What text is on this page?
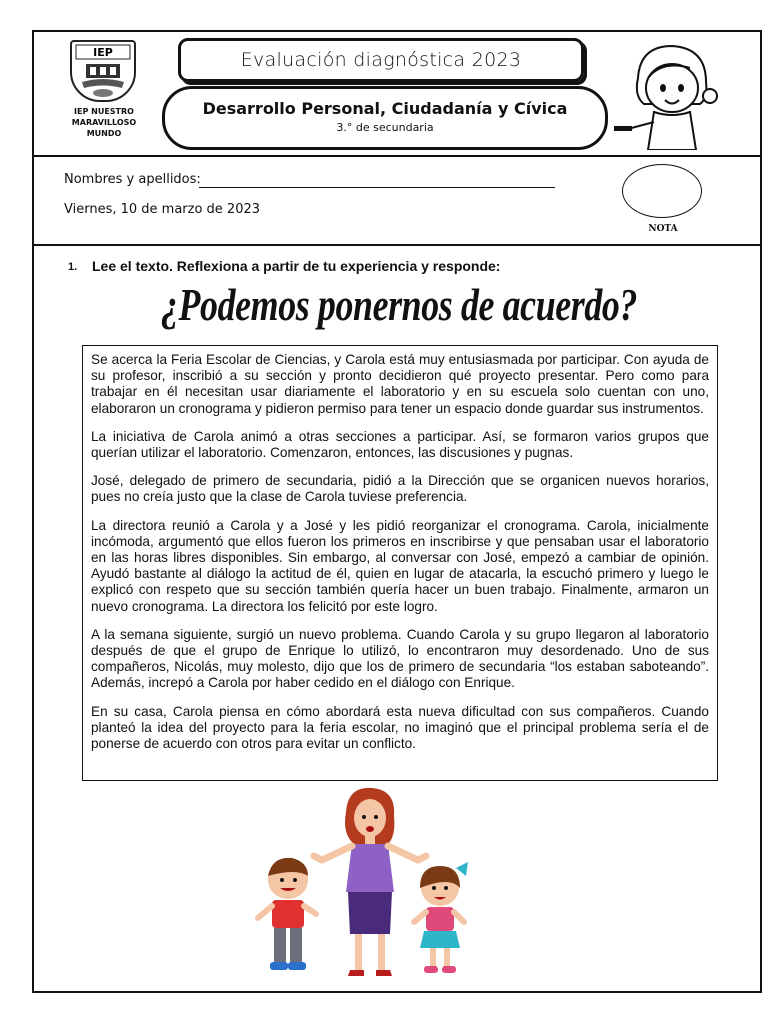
IEP
IEP NUESTRO MARAVILLOSO MUNDO
Evaluación diagnóstica 2023
Desarrollo Personal, Ciudadanía y Cívica
3.° de secundaria
Nombres y apellidos:
Viernes, 10 de marzo de 2023
NOTA
1. Lee el texto. Reflexiona a partir de tu experiencia y responde:
¿Podemos ponernos de acuerdo?

Se acerca la Feria Escolar de Ciencias, y Carola está muy entusiasmada por participar. Con ayuda de su profesor, inscribió a su sección y pronto decidieron qué proyecto presentar. Pero como para trabajar en él necesitan usar diariamente el laboratorio y en su escuela solo cuentan con uno, elaboraron un cronograma y pidieron permiso para tener un espacio donde guardar sus instrumentos.

La iniciativa de Carola animó a otras secciones a participar. Así, se formaron varios grupos que querían utilizar el laboratorio. Comenzaron, entonces, las discusiones y pugnas.

José, delegado de primero de secundaria, pidió a la Dirección que se organicen nuevos horarios, pues no creía justo que la clase de Carola tuviese preferencia.

La directora reunió a Carola y a José y les pidió reorganizar el cronograma. Carola, inicialmente incómoda, argumentó que ellos fueron los primeros en inscribirse y que pensaban usar el laboratorio en las horas libres disponibles. Sin embargo, al conversar con José, empezó a cambiar de opinión. Ayudó bastante al diálogo la actitud de él, quien en lugar de atacarla, la escuchó primero y luego le explicó con respeto que su sección también quería hacer un buen trabajo. Finalmente, armaron un nuevo cronograma. La directora los felicitó por este logro.

A la semana siguiente, surgió un nuevo problema. Cuando Carola y su grupo llegaron al laboratorio después de que el grupo de Enrique lo utilizó, lo encontraron muy desordenado. Uno de sus compañeros, Nicolás, muy molesto, dijo que los de primero de secundaria “los estaban saboteando”. Además, increpó a Carola por haber cedido en el diálogo con Enrique.

En su casa, Carola piensa en cómo abordará esta nueva dificultad con sus compañeros. Cuando planteó la idea del proyecto para la feria escolar, no imaginó que el principal problema sería el de ponerse de acuerdo con otros para evitar un conflicto.
